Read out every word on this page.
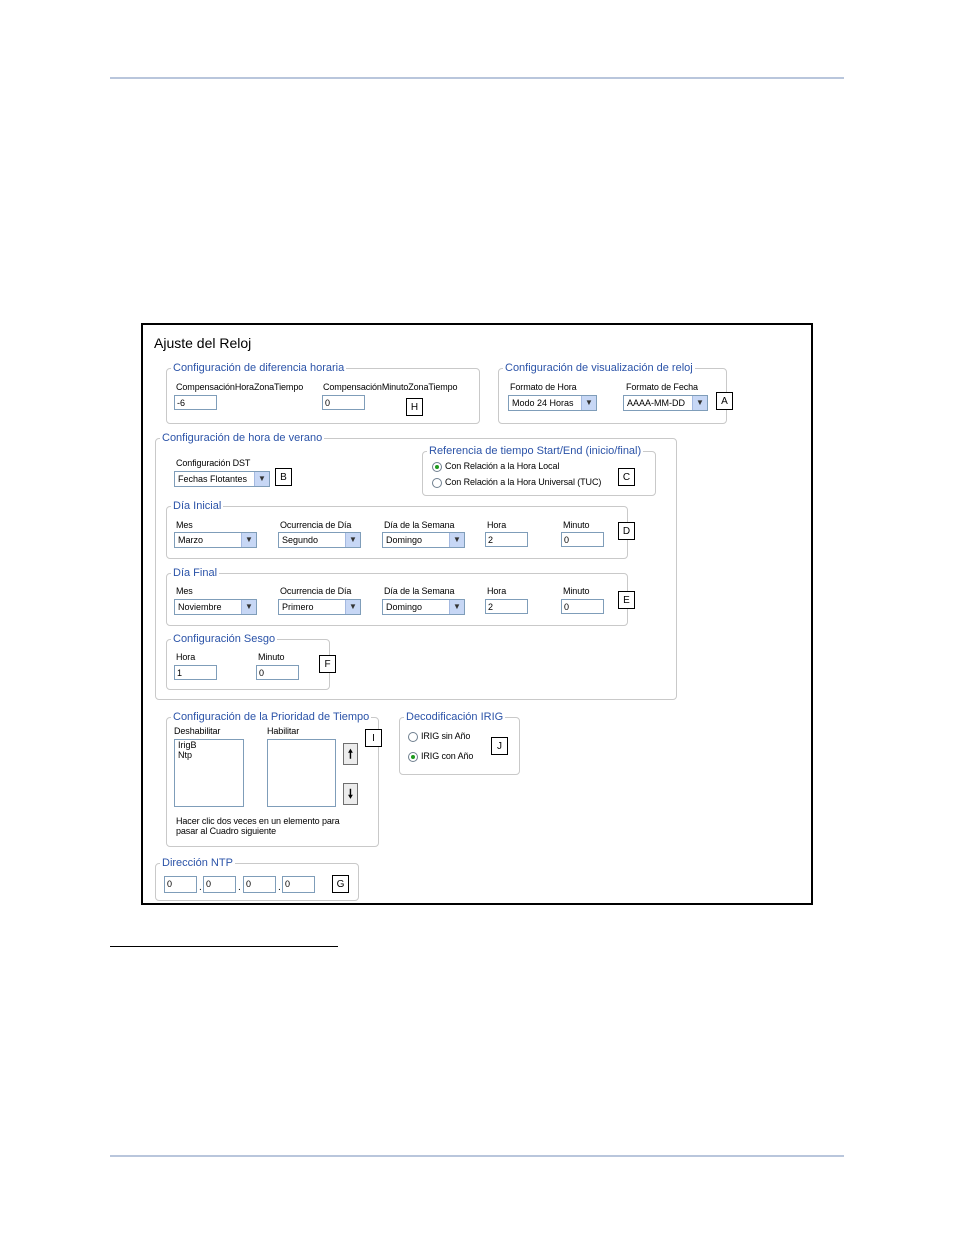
Ajuste del Reloj
Configuración de diferencia horaria
CompensaciónHoraZonaTiempo
-6
CompensaciónMinutoZonaTiempo
0	H
Configuración de visualización de reloj
Formato de Hora
Modo 24 Horas	▼
Formato de Fecha
AAAA-MM-DD	▼	A
Configuración de hora de verano
Configuración DST
Fechas Flotantes	▼	B
Referencia de tiempo Start/End (inicio/final)
Con Relación a la Hora Local
Con Relación a la Hora Universal (TUC)	C
Día Inicial
Mes
Marzo	▼
Ocurrencia de Día
Segundo	▼
Día de la Semana
Domingo	▼
Hora
2
Minuto
0
D
Día Final
Mes
Noviembre	▼
Ocurrencia de Día
Primero	▼
Día de la Semana
Domingo	▼
Hora
2
Minuto
0
E
Configuración Sesgo
Hora
1
Minuto
0
F
Configuración de la Prioridad de Tiempo
Deshabilitar	Habilitar
IrigB
Ntp	🠕
🠗
Hacer clic dos veces en un elemento para
pasar al Cuadro siguiente
I
Decodificación IRIG
IRIG sin Año
IRIG con Año
J
Dirección NTP
0	. 0	. 0	. 0	G
